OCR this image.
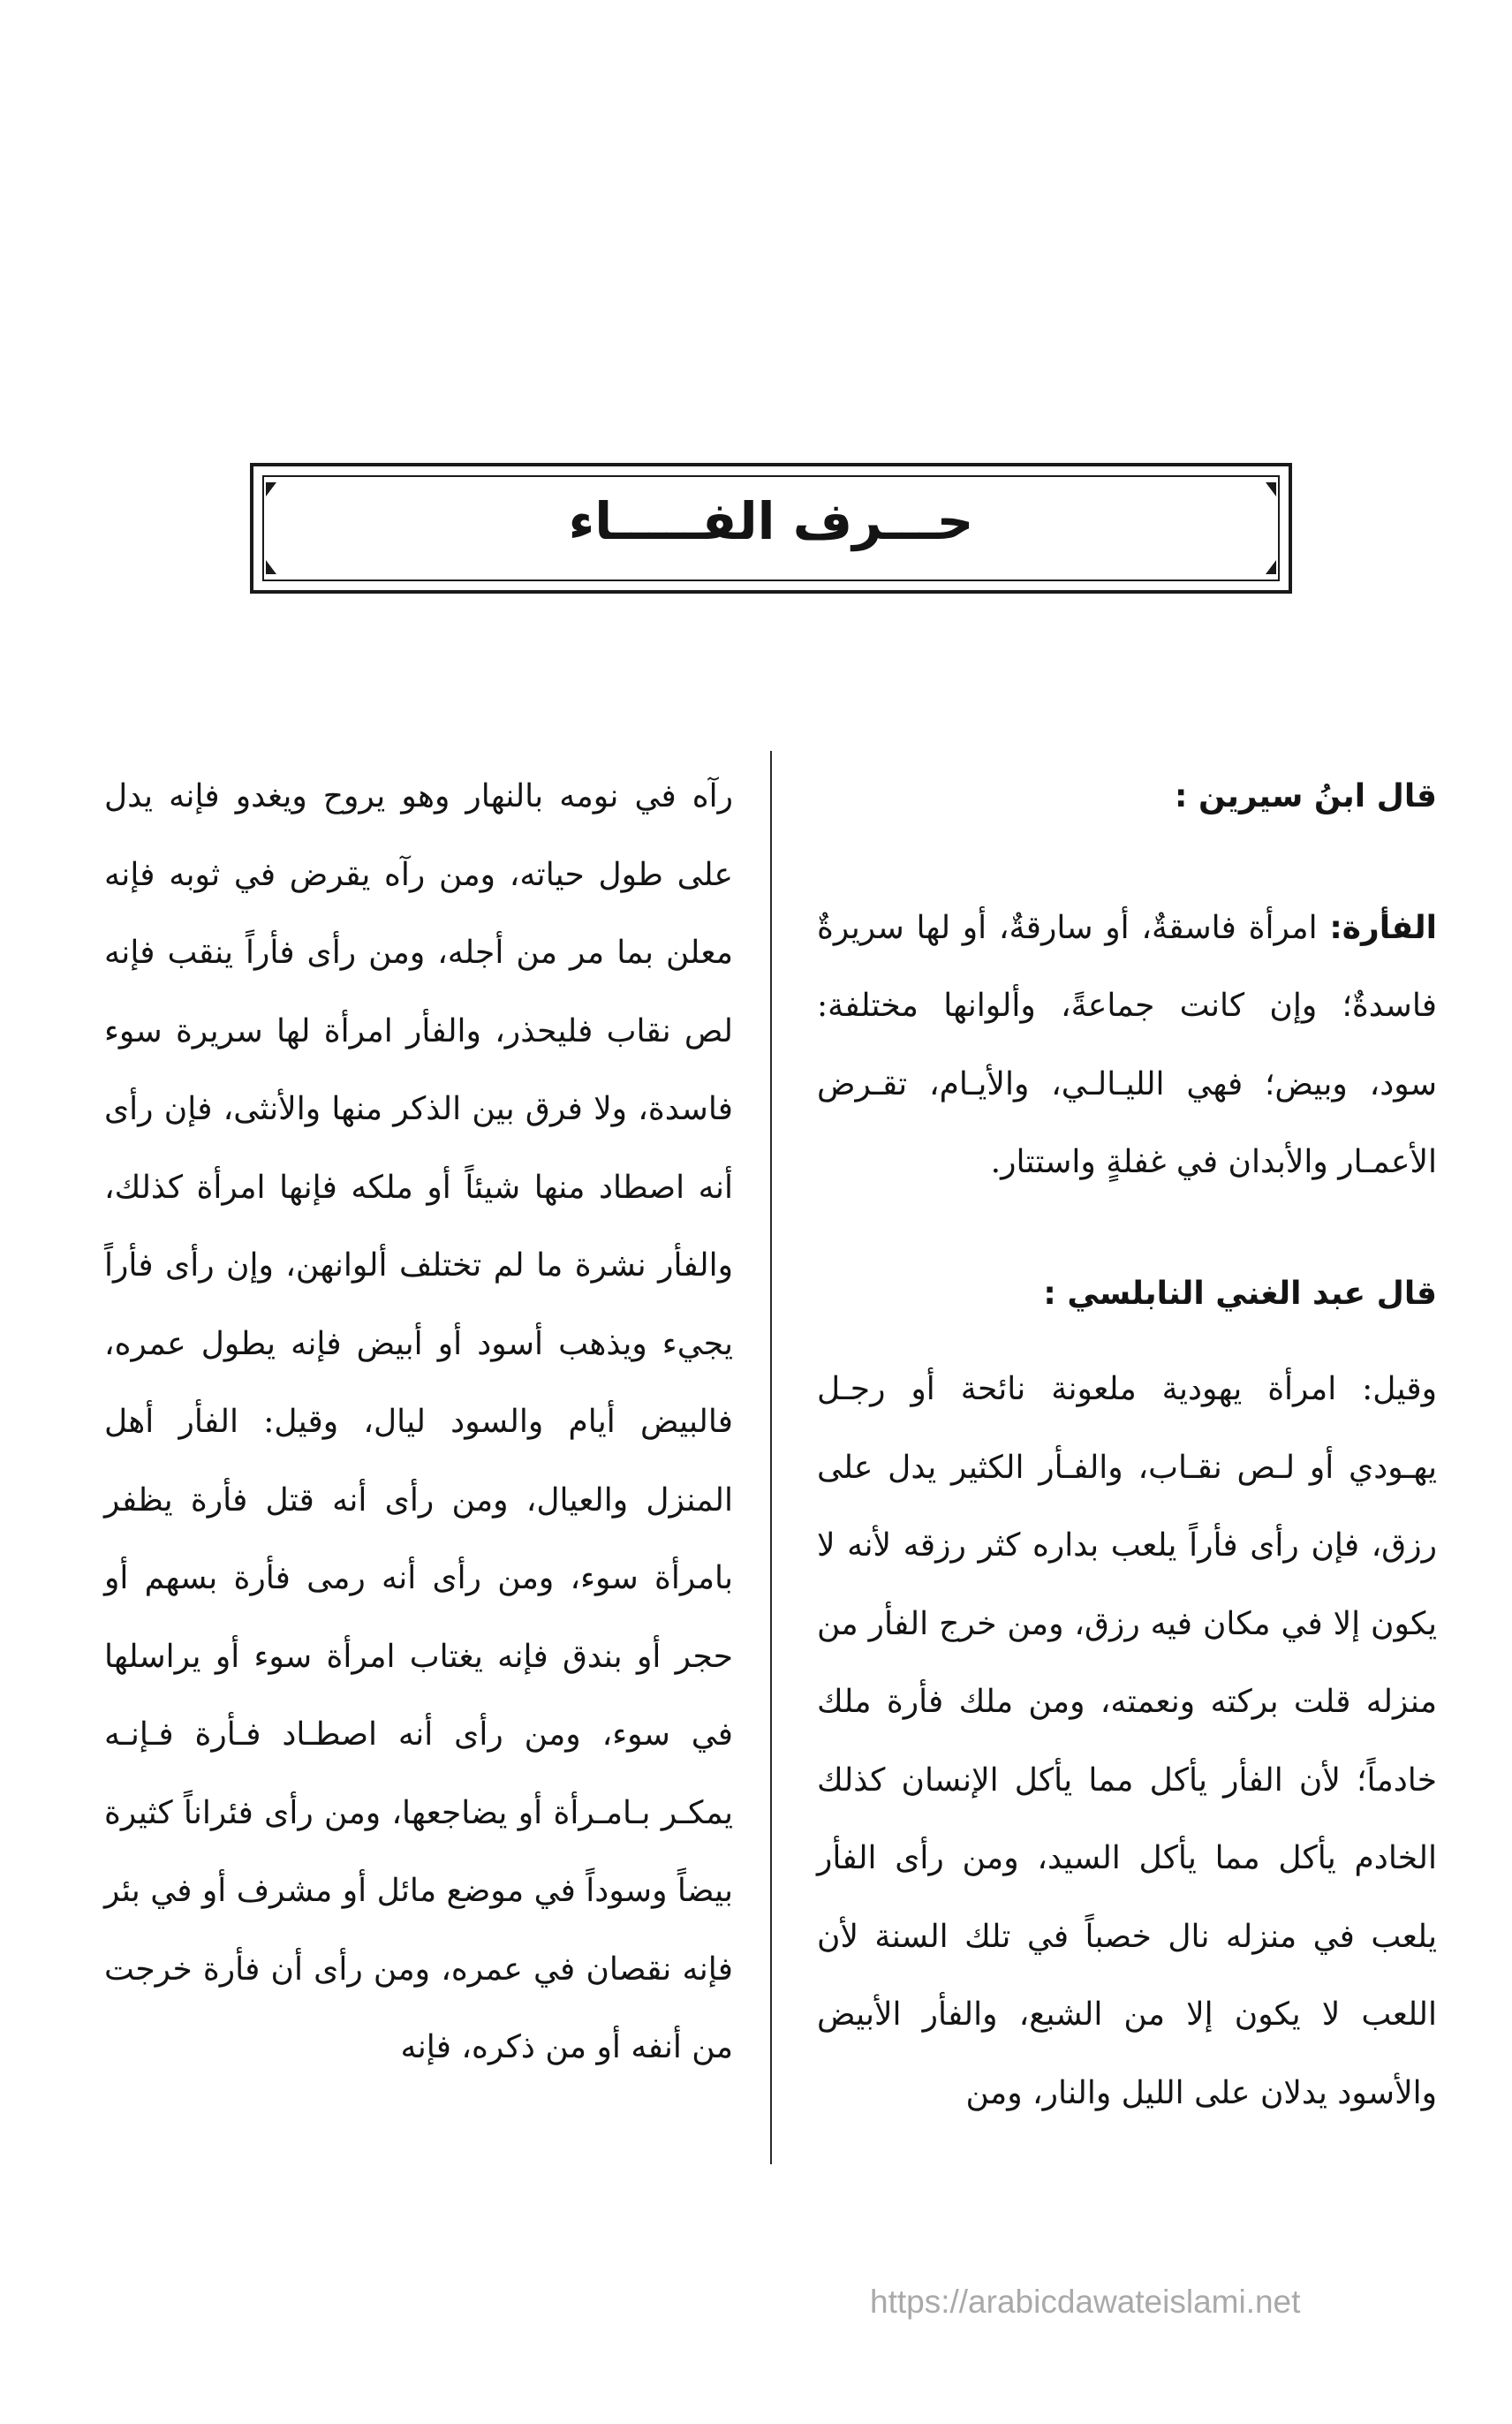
حـــرف الفـــــاء

قال ابنُ سيرين :

الفأرة: امرأة فاسقةٌ، أو سارقةٌ، أو لها سريرةٌ فاسدةٌ؛ وإن كانت جماعةً، وألوانها مختلفة: سود، وبيض؛ فهي الليـالـي، والأيـام، تقـرض الأعمـار والأبدان في غفلةٍ واستتار.

قال عبد الغني النابلسي :

وقيل: امرأة يهودية ملعونة نائحة أو رجـل يهـودي أو لـص نقـاب، والفـأر الكثير يدل على رزق، فإن رأى فأراً يلعب بداره كثر رزقه لأنه لا يكون إلا في مكان فيه رزق، ومن خرج الفأر من منزله قلت بركته ونعمته، ومن ملك فأرة ملك خادماً؛ لأن الفأر يأكل مما يأكل الإنسان كذلك الخادم يأكل مما يأكل السيد، ومن رأى الفأر يلعب في منزله نال خصباً في تلك السنة لأن اللعب لا يكون إلا من الشبع، والفأر الأبيض والأسود يدلان على الليل والنار، ومن

رآه في نومه بالنهار وهو يروح ويغدو فإنه يدل على طول حياته، ومن رآه يقرض في ثوبه فإنه معلن بما مر من أجله، ومن رأى فأراً ينقب فإنه لص نقاب فليحذر، والفأر امرأة لها سريرة سوء فاسدة، ولا فرق بين الذكر منها والأنثى، فإن رأى أنه اصطاد منها شيئاً أو ملكه فإنها امرأة كذلك، والفأر نشرة ما لم تختلف ألوانهن، وإن رأى فأراً يجيء ويذهب أسود أو أبيض فإنه يطول عمره، فالبيض أيام والسود ليال، وقيل: الفأر أهل المنزل والعيال، ومن رأى أنه قتل فأرة يظفر بامرأة سوء، ومن رأى أنه رمى فأرة بسهم أو حجر أو بندق فإنه يغتاب امرأة سوء أو يراسلها في سوء، ومن رأى أنه اصطـاد فـأرة فـإنـه يمكـر بـامـرأة أو يضاجعها، ومن رأى فئراناً كثيرة بيضاً وسوداً في موضع مائل أو مشرف أو في بئر فإنه نقصان في عمره، ومن رأى أن فأرة خرجت من أنفه أو من ذكره، فإنه

https://arabicdawateislami.net
